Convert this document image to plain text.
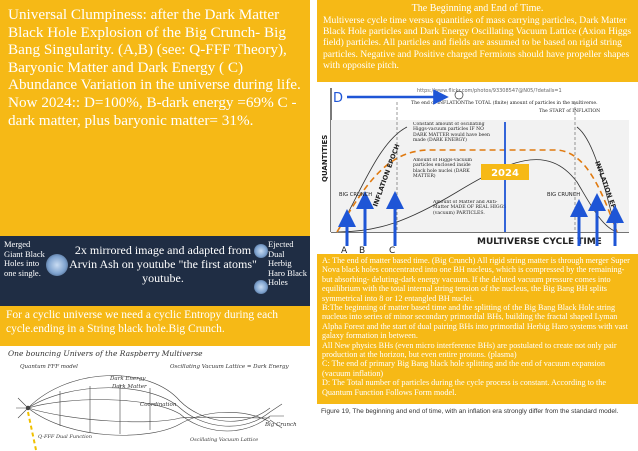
Universal Clumpiness: after the Dark Matter Black Hole Explosion of the Big Crunch- Big Bang Singularity. (A,B) (see: Q-FFF Theory), Baryonic Matter and Dark Energy ( C) Abundance Variation in the universe during life. Now 2024:: D=100%, B-dark energy =69% C -dark matter, plus baryonic matter= 31%.

Merged Giant Black Holes into one single.
2x mirrored image and adapted from Arvin Ash on youtube "the first atoms" youtube.
Ejected Dual Herbig Haro Black Holes

For a cyclic universe we need a cyclic Entropy during each cycle.ending in a String black hole.Big Crunch.

One bouncing Univers of the Raspberry Multiverse
Quantum FFF model	Oscillating Vacuum Lattice = Dark Energy
Dark Energy
Dark Matter
Coordination
Big Crunch
Q-FFF Dual Function	Oscillating Vacuum Lattice

The Beginning and End of Time.

Multiverse cycle time versus quantities of mass carrying particles, Dark Matter Black Hole particles and Dark Energy Oscillating Vacuum Lattice (Axion Higgs field) particles. All particles and fields are assumed to be based on rigid string particles. Negative and Positive charged Fermions should have propeller shapes with opposite pitch.

QUANTITIES
MULTIVERSE CYCLE TIME
https://www.flickr.com/photos/93308547@N05/?details=1
INFLATION EPOCH	INFLATION EPOCH
The end of INFLATION The TOTAL (finite) amount of particles in the multiverse.
The START of INFLATION
Constant amount of oscillating Higgs-vacuum particles IF NO DARK MATTER would have been made (DARK ENERGY)
Amount of Higgs-vacuum particles enclosed inside black hole nuclei (DARK MATTER)
Amount of Matter and Anti-Matter MADE OF REAL HIGGS (vacuum) PARTICLES.
2024
D
A B	C
BIG CRUNCH	BIG CRUNCH

A: The end of matter based time. (Big Crunch) All rigid string matter is through merger Super Nova black holes concentrated into one BH nucleus, which is compressed by the remaining-but absorbing- deluting-dark energy vacuum. If the deluted vacuum pressure comes into equilibrium with the total internal string tension of the nucleus, the Big Bang BH splits symmetrical into 8 or 12 entangled BH nuclei.

B:The beginning of matter based time and the splitting of the Big Bang Black Hole string nucleus into series of minor secondary primordial BHs, building the fractal shaped Lyman Alpha Forest and the start of dual pairing BHs into primordial Herbig Haro systems with vast galaxy formation in between.

All New physics BHs (even micro interference BHs) are postulated to create not only pair production at the horizon, but even entire protons. (plasma)

C: The end of primary Big Bang black hole splitting and the end of vacuum expansion (vacuum inflation)

D: The Total number of particles during the cycle process is constant. According to the Quantum Function Follows Form model.

Figure 19, The beginning and end of time, with an inflation era strongly differ from the standard model.
